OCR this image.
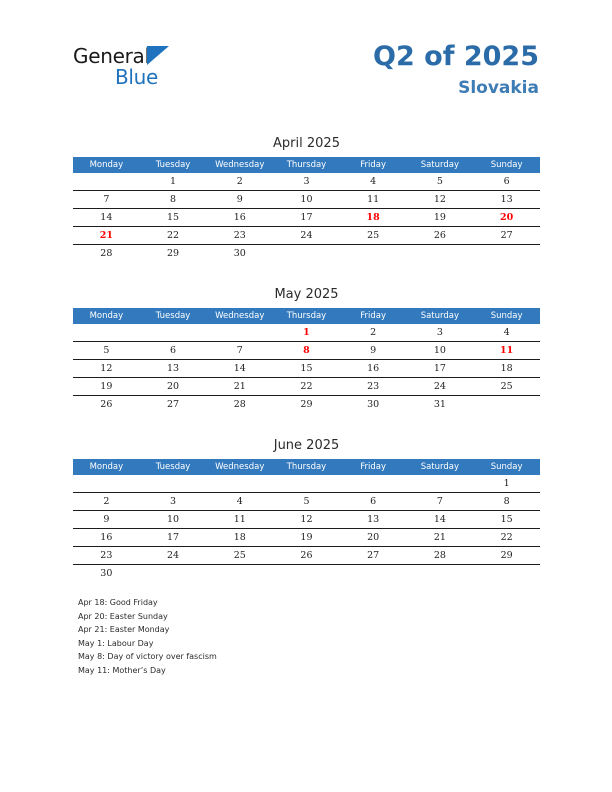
General
Blue
Q2 of 2025
Slovakia
April 2025
Monday	Tuesday	Wednesday	Thursday	Friday	Saturday	Sunday
	1	2	3	4	5	6
7	8	9	10	11	12	13
14	15	16	17	18	19	20
21	22	23	24	25	26	27
28	29	30				
May 2025
Monday	Tuesday	Wednesday	Thursday	Friday	Saturday	Sunday
			1	2	3	4
5	6	7	8	9	10	11
12	13	14	15	16	17	18
19	20	21	22	23	24	25
26	27	28	29	30	31	
June 2025
Monday	Tuesday	Wednesday	Thursday	Friday	Saturday	Sunday
						1
2	3	4	5	6	7	8
9	10	11	12	13	14	15
16	17	18	19	20	21	22
23	24	25	26	27	28	29
30						
Apr 18: Good Friday
Apr 20: Easter Sunday
Apr 21: Easter Monday
May 1: Labour Day
May 8: Day of victory over fascism
May 11: Mother’s Day
